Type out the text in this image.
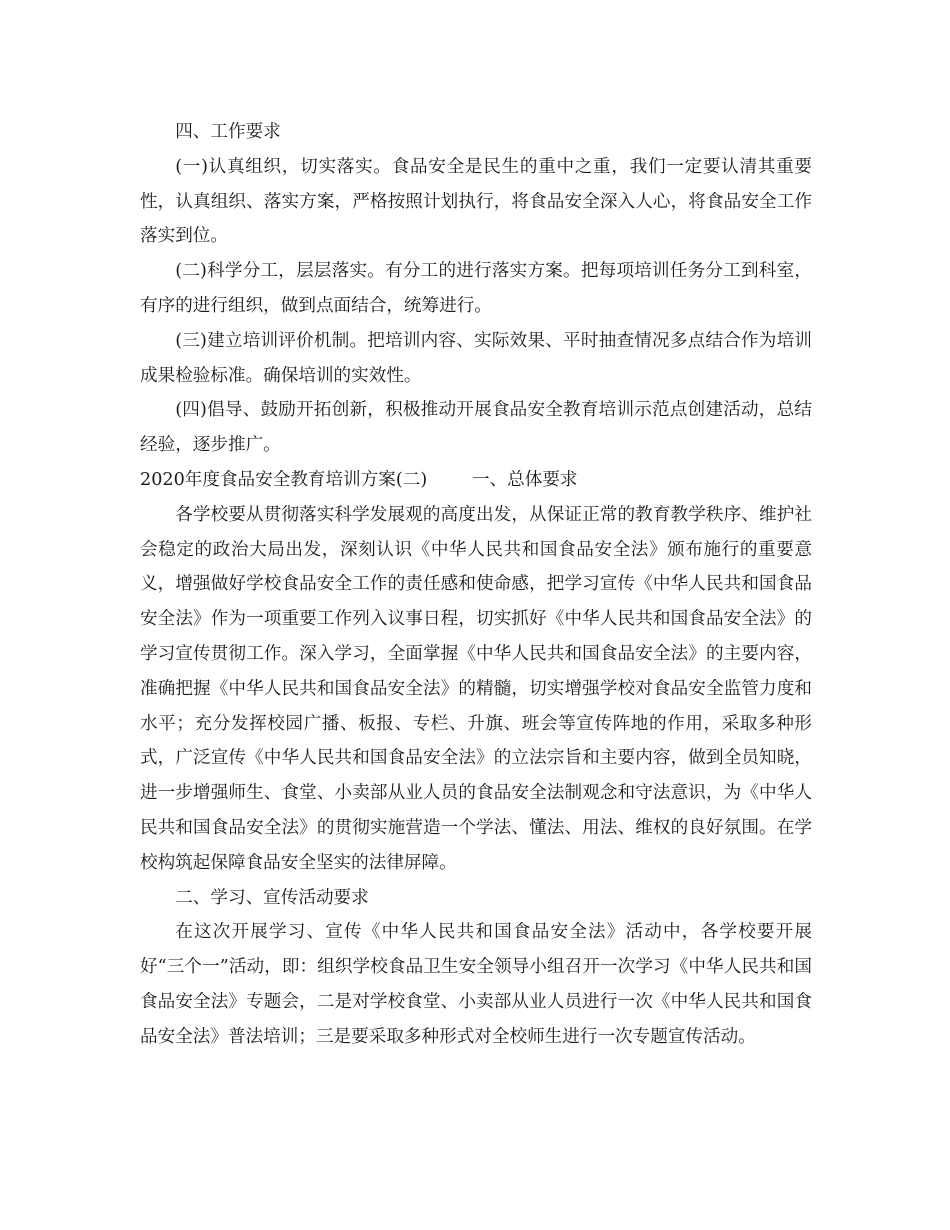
四、工作要求

(一)认真组织，切实落实。食品安全是民生的重中之重，我们一定要认清其重要性，认真组织、落实方案，严格按照计划执行，将食品安全深入人心，将食品安全工作落实到位。

(二)科学分工，层层落实。有分工的进行落实方案。把每项培训任务分工到科室，有序的进行组织，做到点面结合，统筹进行。

(三)建立培训评价机制。把培训内容、实际效果、平时抽查情况多点结合作为培训成果检验标准。确保培训的实效性。

(四)倡导、鼓励开拓创新，积极推动开展食品安全教育培训示范点创建活动，总结经验，逐步推广。

2020年度食品安全教育培训方案(二)        一、总体要求

各学校要从贯彻落实科学发展观的高度出发，从保证正常的教育教学秩序、维护社会稳定的政治大局出发，深刻认识《中华人民共和国食品安全法》颁布施行的重要意义，增强做好学校食品安全工作的责任感和使命感，把学习宣传《中华人民共和国食品安全法》作为一项重要工作列入议事日程，切实抓好《中华人民共和国食品安全法》的学习宣传贯彻工作。深入学习，全面掌握《中华人民共和国食品安全法》的主要内容，准确把握《中华人民共和国食品安全法》的精髓，切实增强学校对食品安全监管力度和水平；充分发挥校园广播、板报、专栏、升旗、班会等宣传阵地的作用，采取多种形式，广泛宣传《中华人民共和国食品安全法》的立法宗旨和主要内容，做到全员知晓，进一步增强师生、食堂、小卖部从业人员的食品安全法制观念和守法意识，为《中华人民共和国食品安全法》的贯彻实施营造一个学法、懂法、用法、维权的良好氛围。在学校构筑起保障食品安全坚实的法律屏障。

二、学习、宣传活动要求

在这次开展学习、宣传《中华人民共和国食品安全法》活动中，各学校要开展好“三个一”活动，即：组织学校食品卫生安全领导小组召开一次学习《中华人民共和国食品安全法》专题会，二是对学校食堂、小卖部从业人员进行一次《中华人民共和国食品安全法》普法培训；三是要采取多种形式对全校师生进行一次专题宣传活动。
